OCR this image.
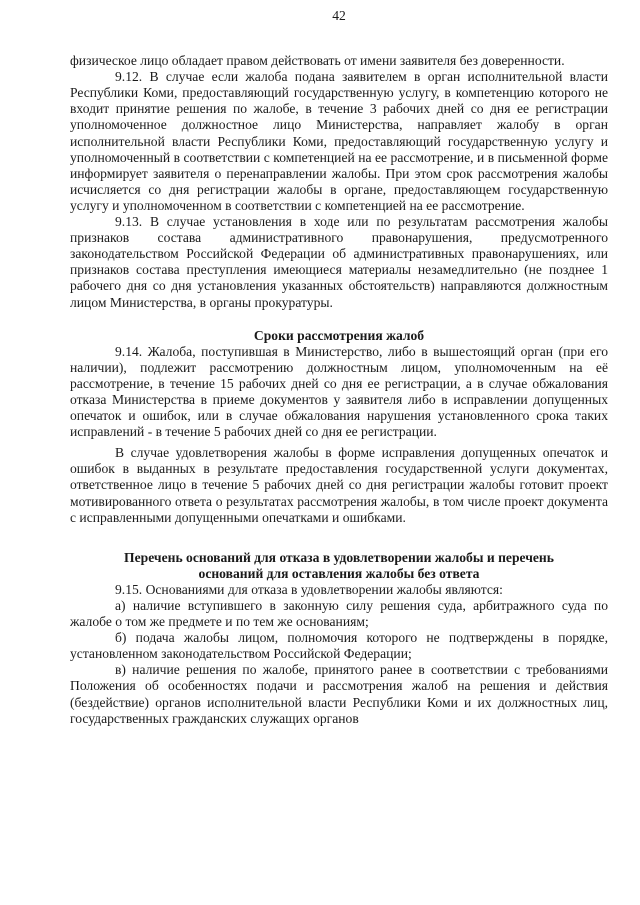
42

физическое лицо обладает правом действовать от имени заявителя без доверенности.

9.12. В случае если жалоба подана заявителем в орган исполнительной власти Республики Коми, предоставляющий государственную услугу, в компетенцию которого не входит принятие решения по жалобе, в течение 3 рабочих дней со дня ее регистрации уполномоченное должностное лицо Министерства, направляет жалобу в орган исполнительной власти Республики Коми, предоставляющий государственную услугу и уполномоченный в соответствии с компетенцией на ее рассмотрение, и в письменной форме информирует заявителя о перенаправлении жалобы. При этом срок рассмотрения жалобы исчисляется со дня регистрации жалобы в органе, предоставляющем государственную услугу и уполномоченном в соответствии с компетенцией на ее рассмотрение.

9.13. В случае установления в ходе или по результатам рассмотрения жалобы признаков состава административного правонарушения, предусмотренного законодательством Российской Федерации об административных правонарушениях, или признаков состава преступления имеющиеся материалы незамедлительно (не позднее 1 рабочего дня со дня установления указанных обстоятельств) направляются должностным лицом Министерства, в органы прокуратуры.

Сроки рассмотрения жалоб

9.14. Жалоба, поступившая в Министерство, либо в вышестоящий орган (при его наличии), подлежит рассмотрению должностным лицом, уполномоченным на её рассмотрение, в течение 15 рабочих дней со дня ее регистрации, а в случае обжалования отказа Министерства в приеме документов у заявителя либо в исправлении допущенных опечаток и ошибок, или в случае обжалования нарушения установленного срока таких исправлений - в течение 5 рабочих дней со дня ее регистрации.

В случае удовлетворения жалобы в форме исправления допущенных опечаток и ошибок в выданных в результате предоставления государственной услуги документах, ответственное лицо в течение 5 рабочих дней со дня регистрации жалобы готовит проект мотивированного ответа о результатах рассмотрения жалобы, в том числе проект документа с исправленными допущенными опечатками и ошибками.

Перечень оснований для отказа в удовлетворении жалобы и перечень
оснований для оставления жалобы без ответа

9.15. Основаниями для отказа в удовлетворении жалобы являются:

а) наличие вступившего в законную силу решения суда, арбитражного суда по жалобе о том же предмете и по тем же основаниям;

б) подача жалобы лицом, полномочия которого не подтверждены в порядке, установленном законодательством Российской Федерации;

в) наличие решения по жалобе, принятого ранее в соответствии с требованиями Положения об особенностях подачи и рассмотрения жалоб на решения и действия (бездействие) органов исполнительной власти Республики Коми и их должностных лиц, государственных гражданских служащих органов
